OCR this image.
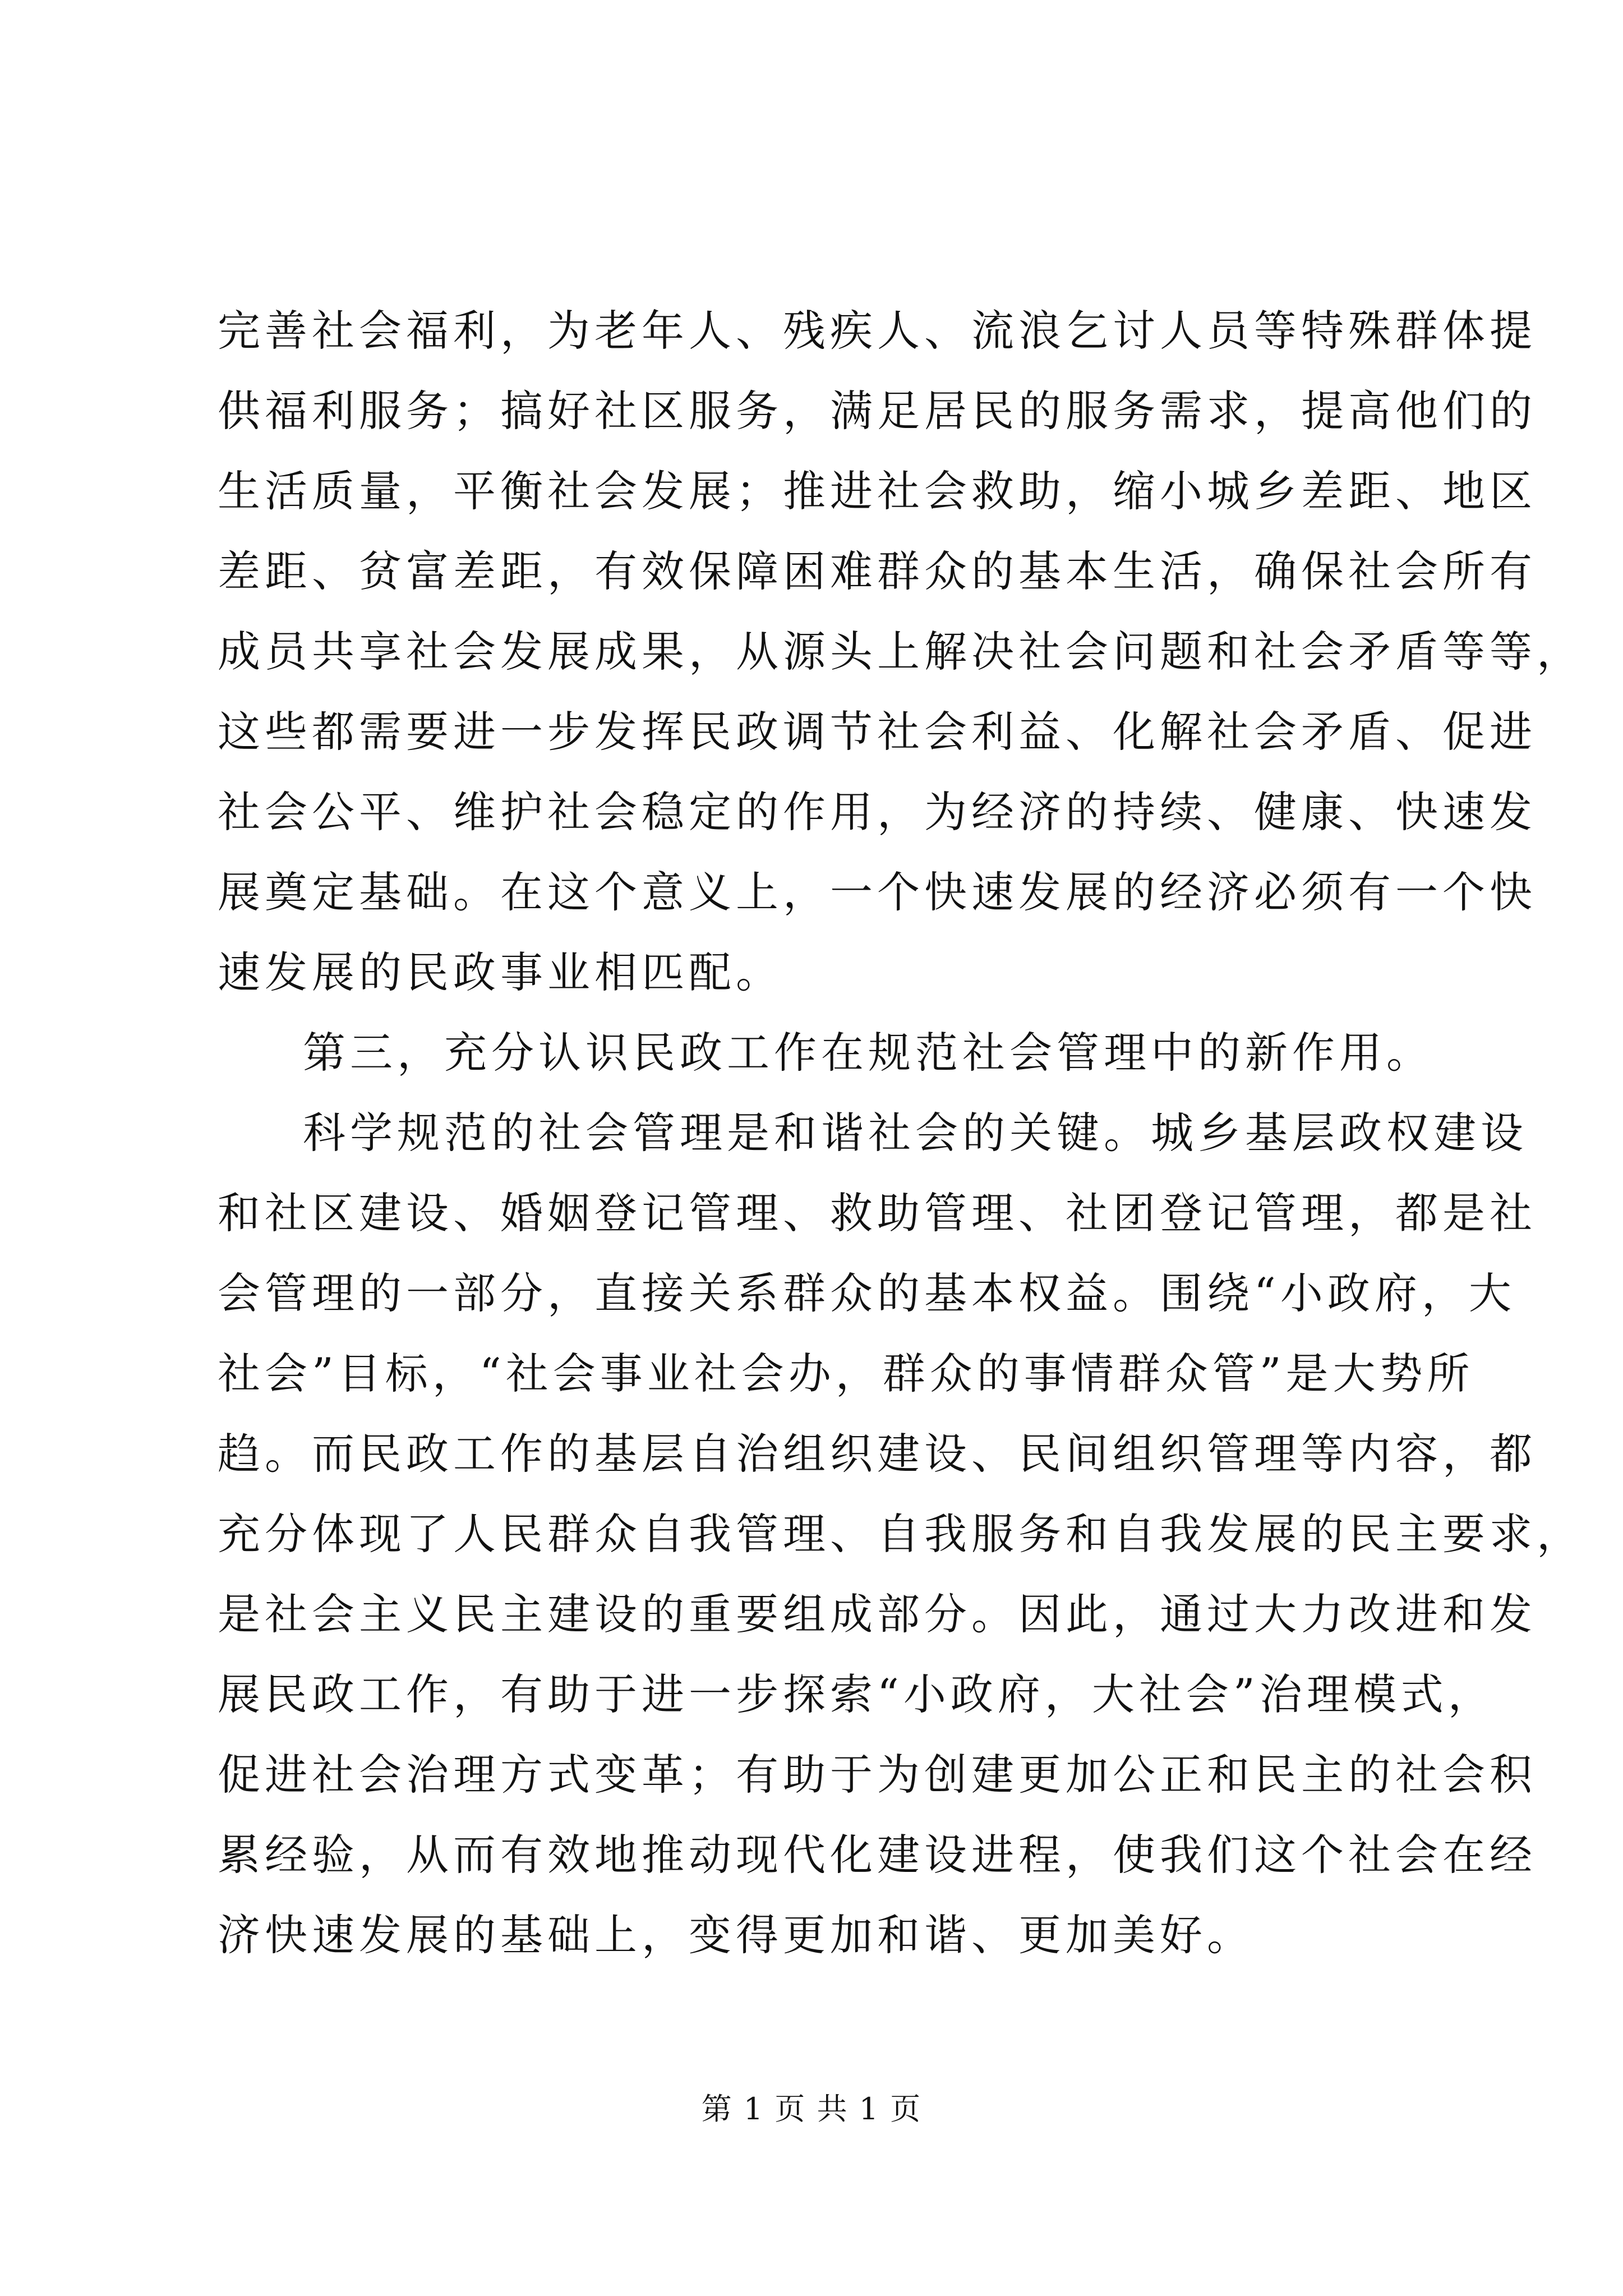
完善社会福利，为老年人、残疾人、流浪乞讨人员等特殊群体提
供福利服务；搞好社区服务，满足居民的服务需求，提高他们的
生活质量，平衡社会发展；推进社会救助，缩小城乡差距、地区
差距、贫富差距，有效保障困难群众的基本生活，确保社会所有
成员共享社会发展成果，从源头上解决社会问题和社会矛盾等等，
这些都需要进一步发挥民政调节社会利益、化解社会矛盾、促进
社会公平、维护社会稳定的作用，为经济的持续、健康、快速发
展奠定基础。在这个意义上，一个快速发展的经济必须有一个快
速发展的民政事业相匹配。
第三，充分认识民政工作在规范社会管理中的新作用。
科学规范的社会管理是和谐社会的关键。城乡基层政权建设
和社区建设、婚姻登记管理、救助管理、社团登记管理，都是社
会管理的一部分，直接关系群众的基本权益。围绕“小政府，大
社会”目标，“社会事业社会办，群众的事情群众管”是大势所
趋。而民政工作的基层自治组织建设、民间组织管理等内容，都
充分体现了人民群众自我管理、自我服务和自我发展的民主要求，
是社会主义民主建设的重要组成部分。因此，通过大力改进和发
展民政工作，有助于进一步探索“小政府，大社会”治理模式，
促进社会治理方式变革；有助于为创建更加公正和民主的社会积
累经验，从而有效地推动现代化建设进程，使我们这个社会在经
济快速发展的基础上，变得更加和谐、更加美好。
第 1 页 共 1 页
